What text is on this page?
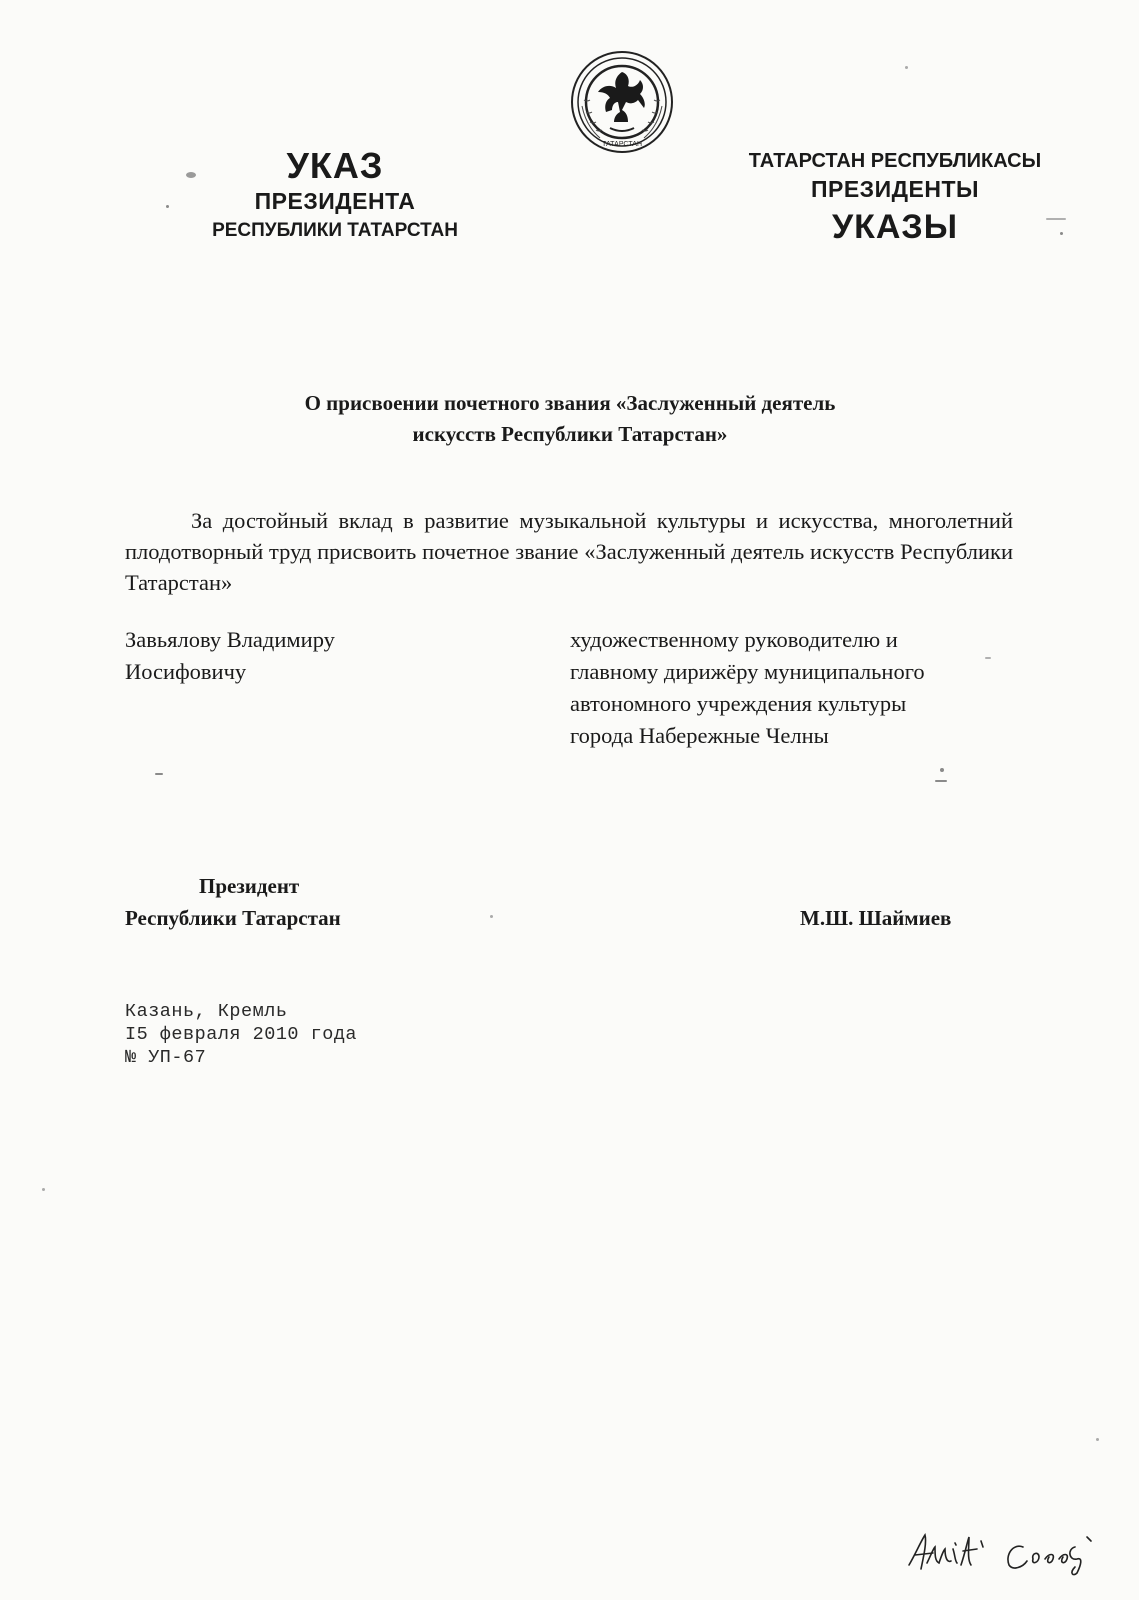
ТАТАРСТАН
УКАЗ
ПРЕЗИДЕНТА
РЕСПУБЛИКИ ТАТАРСТАН
ТАТАРСТАН РЕСПУБЛИКАСЫ
ПРЕЗИДЕНТЫ
УКАЗЫ
О присвоении почетного звания «Заслуженный деятель
искусств Республики Татарстан»
За достойный вклад в развитие музыкальной культуры и искусства, многолетний плодотворный труд присвоить почетное звание «Заслуженный деятель искусств Республики Татарстан»
Завьялову Владимиру
Иосифовичу
художественному руководителю и
главному дирижёру муниципального
автономного учреждения культуры
города Набережные Челны
Президент
Республики Татарстан	М.Ш. Шаймиев
Казань, Кремль
I5 февраля 2010 года
№ УП-67
